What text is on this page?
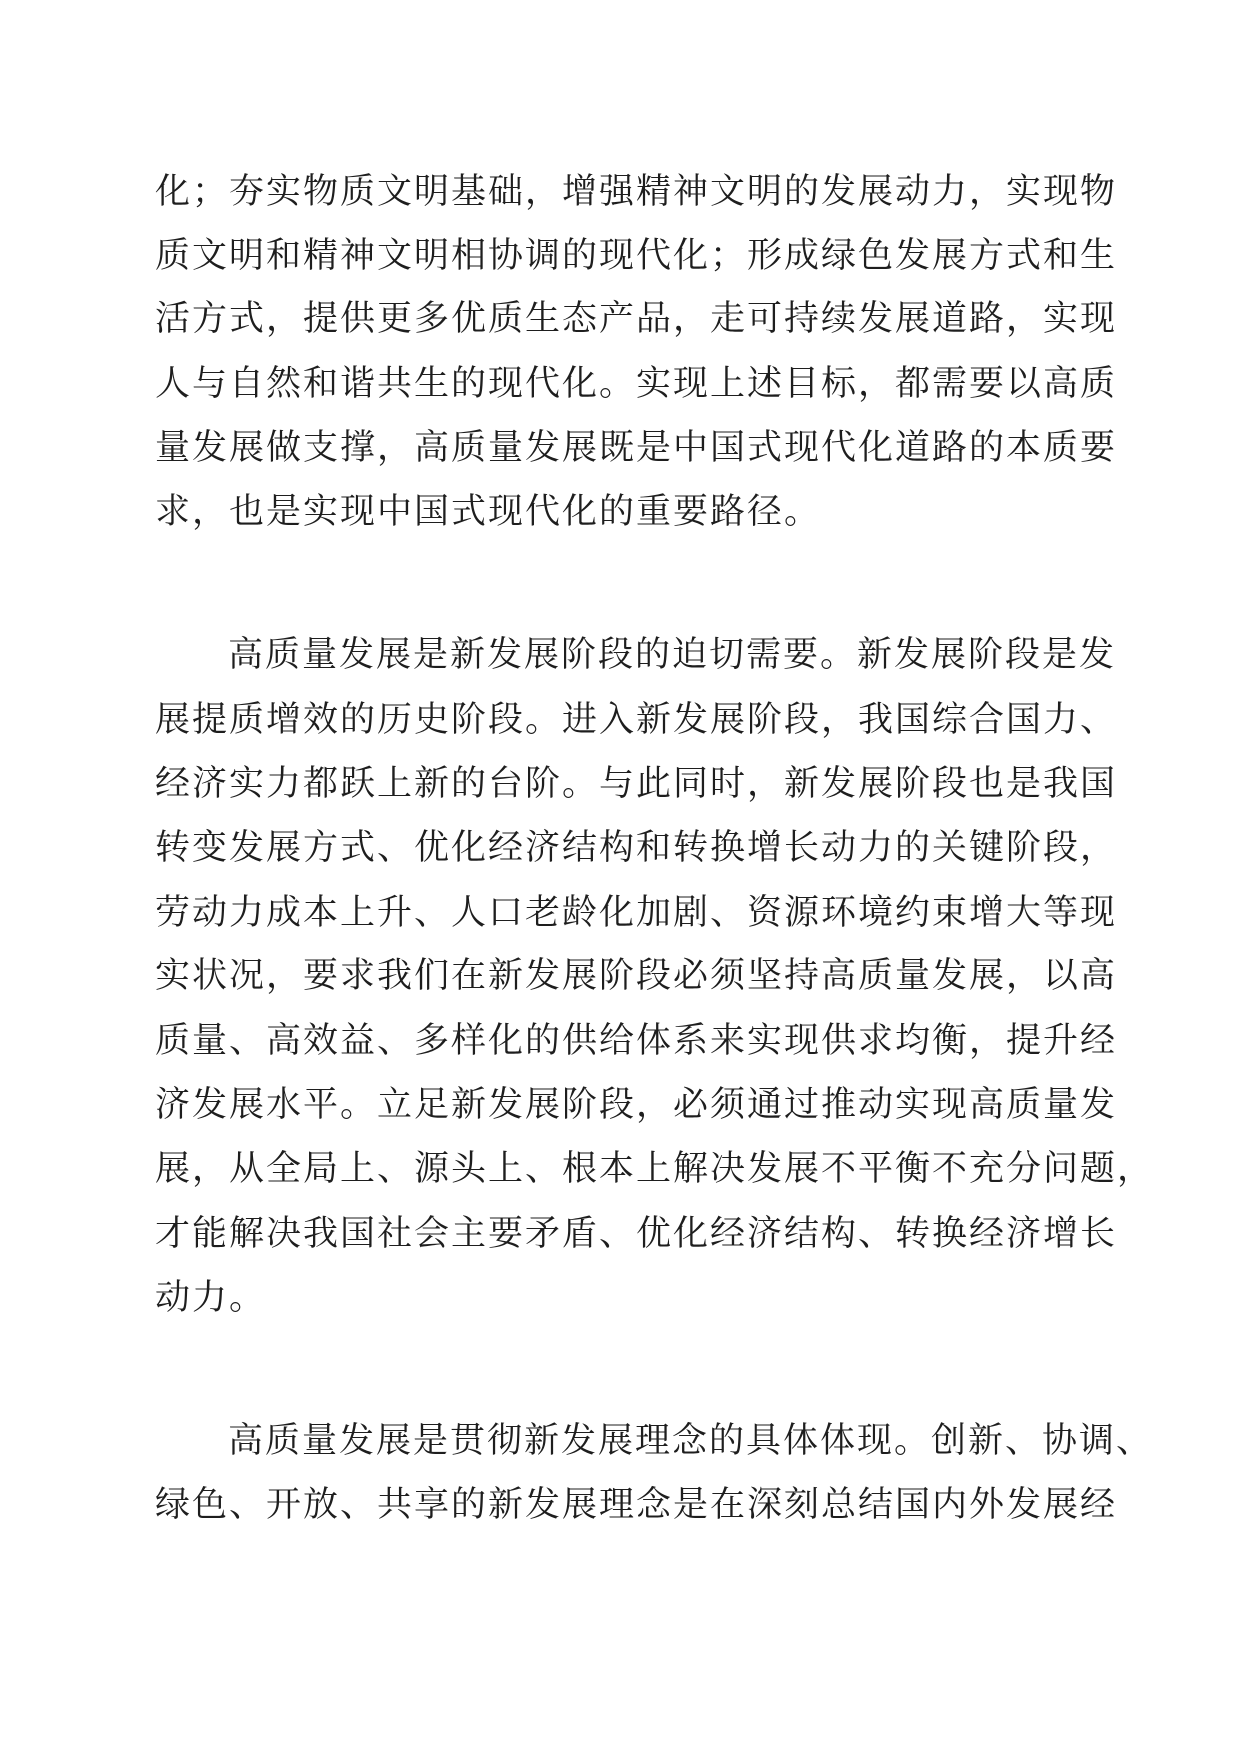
化；夯实物质文明基础，增强精神文明的发展动力，实现物
质文明和精神文明相协调的现代化；形成绿色发展方式和生
活方式，提供更多优质生态产品，走可持续发展道路，实现
人与自然和谐共生的现代化。实现上述目标，都需要以高质
量发展做支撑，高质量发展既是中国式现代化道路的本质要
求，也是实现中国式现代化的重要路径。
高质量发展是新发展阶段的迫切需要。新发展阶段是发
展提质增效的历史阶段。进入新发展阶段，我国综合国力、
经济实力都跃上新的台阶。与此同时，新发展阶段也是我国
转变发展方式、优化经济结构和转换增长动力的关键阶段，
劳动力成本上升、人口老龄化加剧、资源环境约束增大等现
实状况，要求我们在新发展阶段必须坚持高质量发展，以高
质量、高效益、多样化的供给体系来实现供求均衡，提升经
济发展水平。立足新发展阶段，必须通过推动实现高质量发
展，从全局上、源头上、根本上解决发展不平衡不充分问题，
才能解决我国社会主要矛盾、优化经济结构、转换经济增长
动力。
高质量发展是贯彻新发展理念的具体体现。创新、协调、
绿色、开放、共享的新发展理念是在深刻总结国内外发展经
